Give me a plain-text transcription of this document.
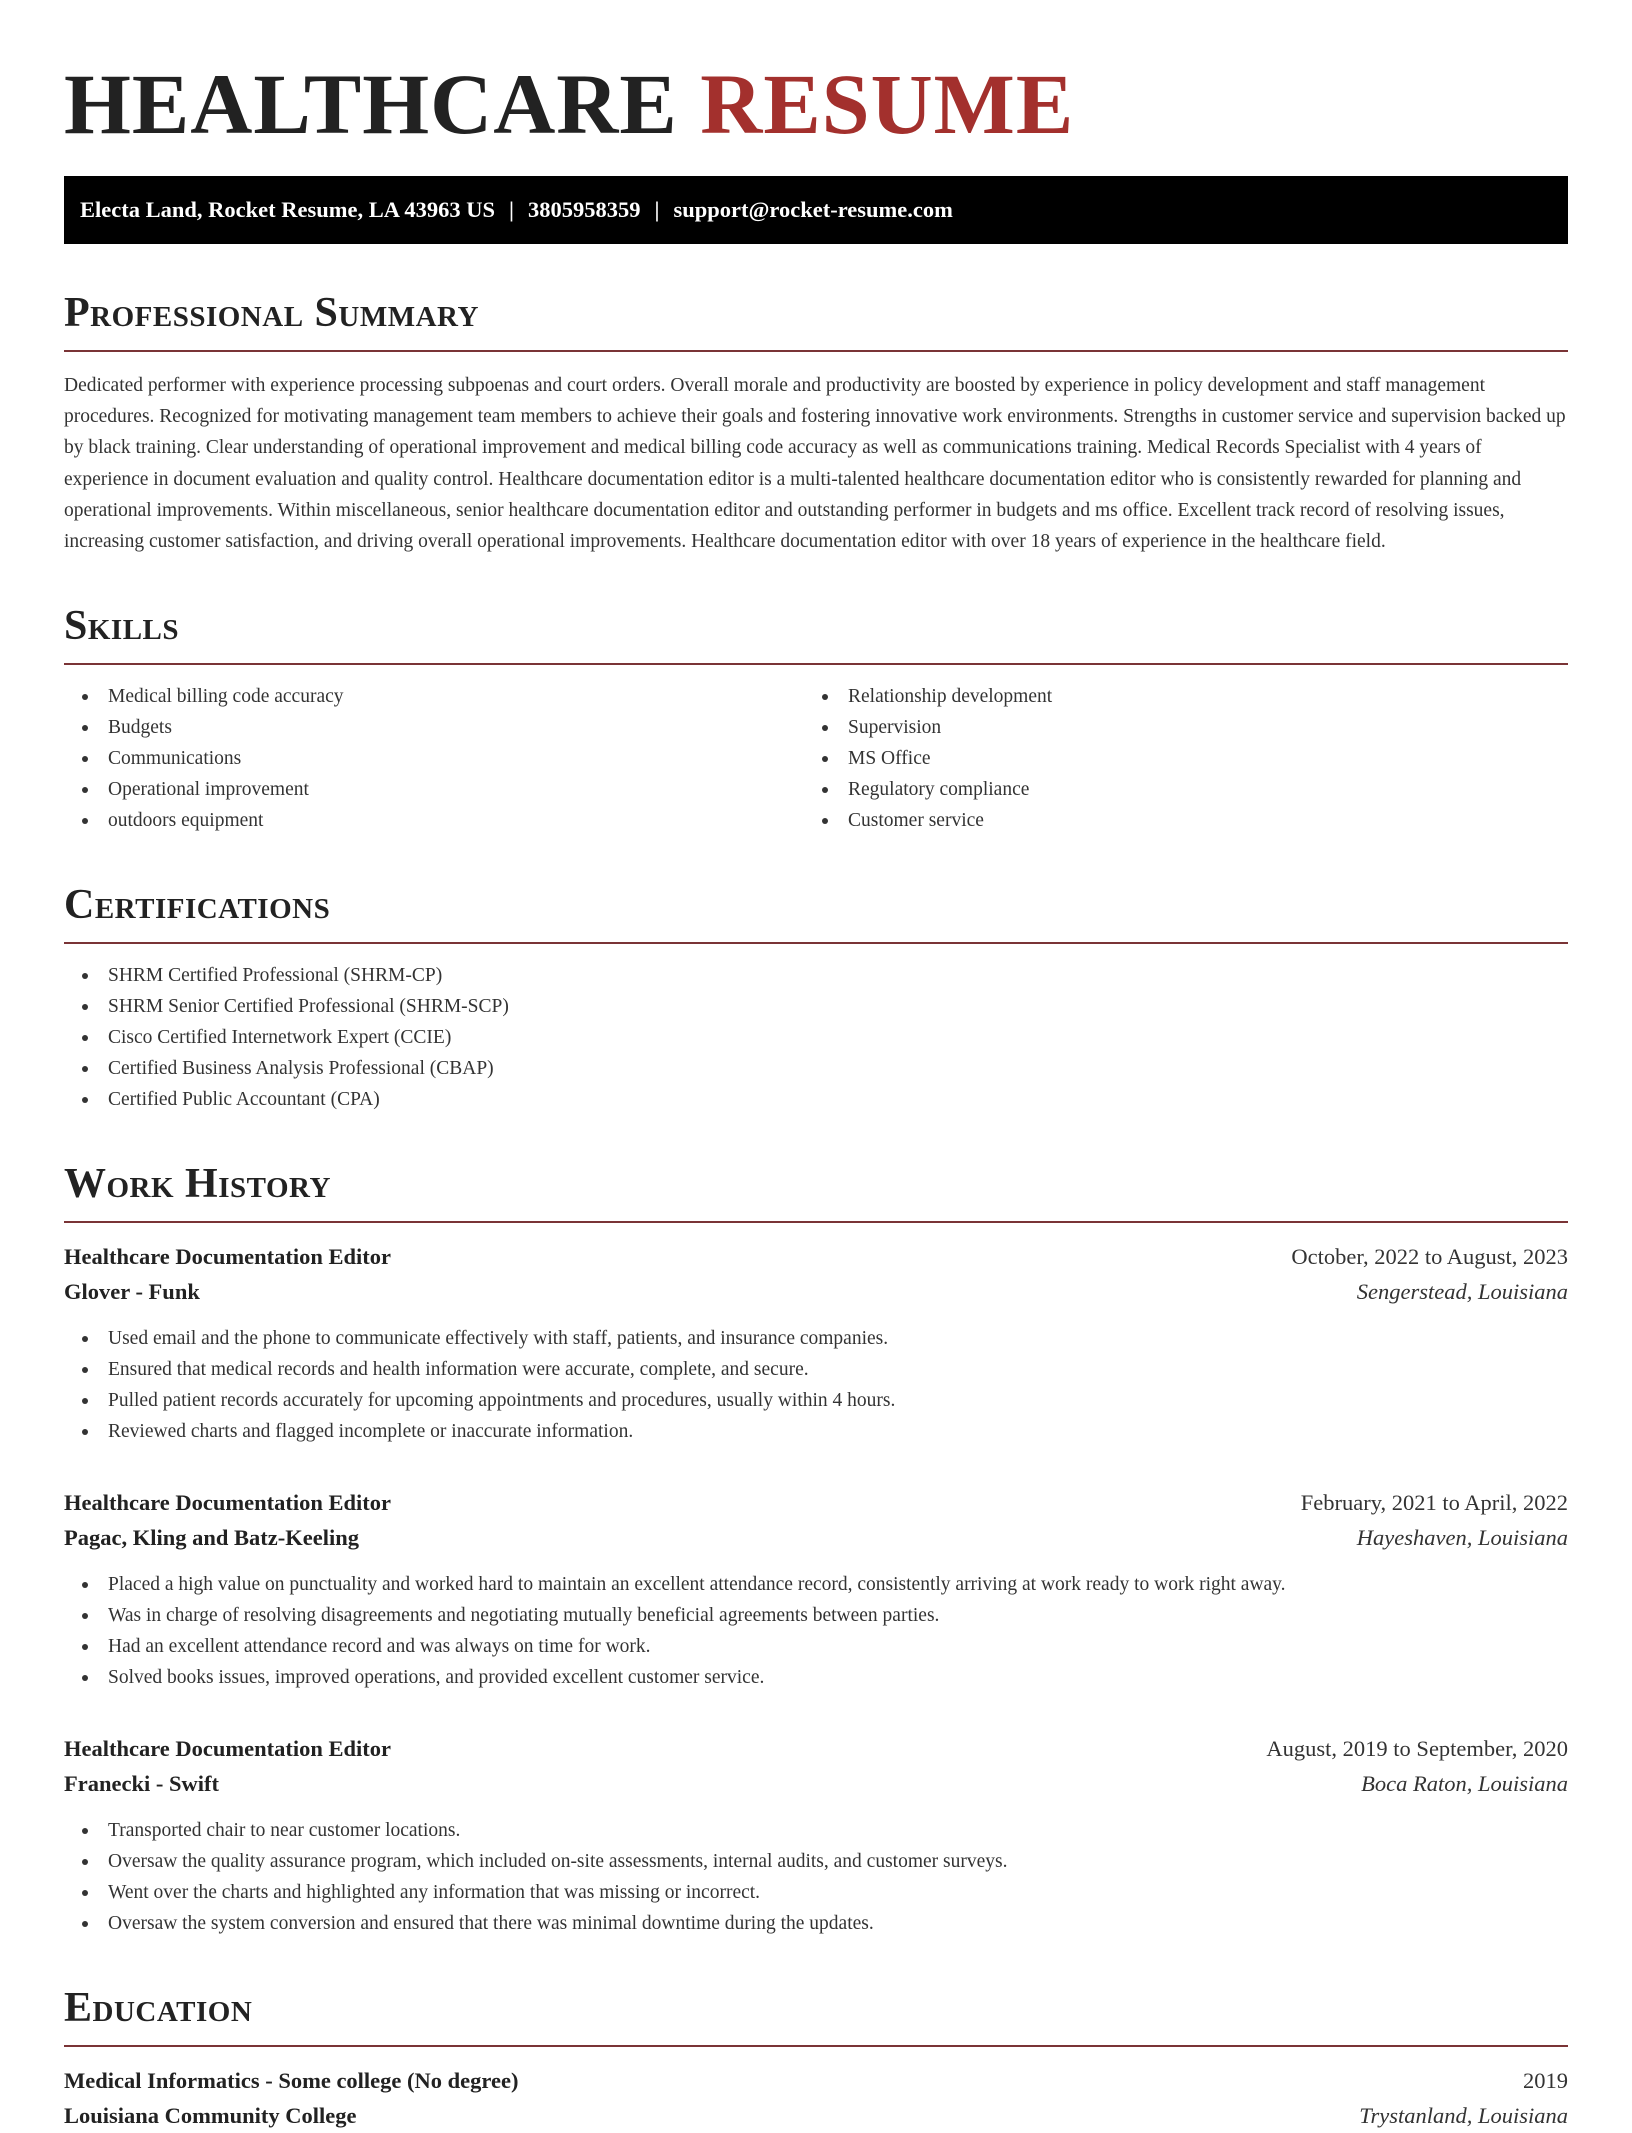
HEALTHCARE RESUME
Electa Land, Rocket Resume, LA 43963 US | 3805958359 | support@rocket-resume.com
Professional Summary

Dedicated performer with experience processing subpoenas and court orders. Overall morale and productivity are boosted by experience in policy development and staff management procedures. Recognized for motivating management team members to achieve their goals and fostering innovative work environments. Strengths in customer service and supervision backed up by black training. Clear understanding of operational improvement and medical billing code accuracy as well as communications training. Medical Records Specialist with 4 years of experience in document evaluation and quality control. Healthcare documentation editor is a multi-talented healthcare documentation editor who is consistently rewarded for planning and operational improvements. Within miscellaneous, senior healthcare documentation editor and outstanding performer in budgets and ms office. Excellent track record of resolving issues, increasing customer satisfaction, and driving overall operational improvements. Healthcare documentation editor with over 18 years of experience in the healthcare field.

Skills
Medical billing code accuracy
Budgets
Communications
Operational improvement
outdoors equipment
Relationship development
Supervision
MS Office
Regulatory compliance
Customer service
Certifications
SHRM Certified Professional (SHRM-CP)
SHRM Senior Certified Professional (SHRM-SCP)
Cisco Certified Internetwork Expert (CCIE)
Certified Business Analysis Professional (CBAP)
Certified Public Accountant (CPA)
Work History
Healthcare Documentation Editor	October, 2022 to August, 2023
Glover - Funk	Sengerstead, Louisiana
Used email and the phone to communicate effectively with staff, patients, and insurance companies.
Ensured that medical records and health information were accurate, complete, and secure.
Pulled patient records accurately for upcoming appointments and procedures, usually within 4 hours.
Reviewed charts and flagged incomplete or inaccurate information.
Healthcare Documentation Editor	February, 2021 to April, 2022
Pagac, Kling and Batz-Keeling	Hayeshaven, Louisiana
Placed a high value on punctuality and worked hard to maintain an excellent attendance record, consistently arriving at work ready to work right away.
Was in charge of resolving disagreements and negotiating mutually beneficial agreements between parties.
Had an excellent attendance record and was always on time for work.
Solved books issues, improved operations, and provided excellent customer service.
Healthcare Documentation Editor	August, 2019 to September, 2020
Franecki - Swift	Boca Raton, Louisiana
Transported chair to near customer locations.
Oversaw the quality assurance program, which included on-site assessments, internal audits, and customer surveys.
Went over the charts and highlighted any information that was missing or incorrect.
Oversaw the system conversion and ensured that there was minimal downtime during the updates.
Education
Medical Informatics - Some college (No degree)	2019
Louisiana Community College	Trystanland, Louisiana
